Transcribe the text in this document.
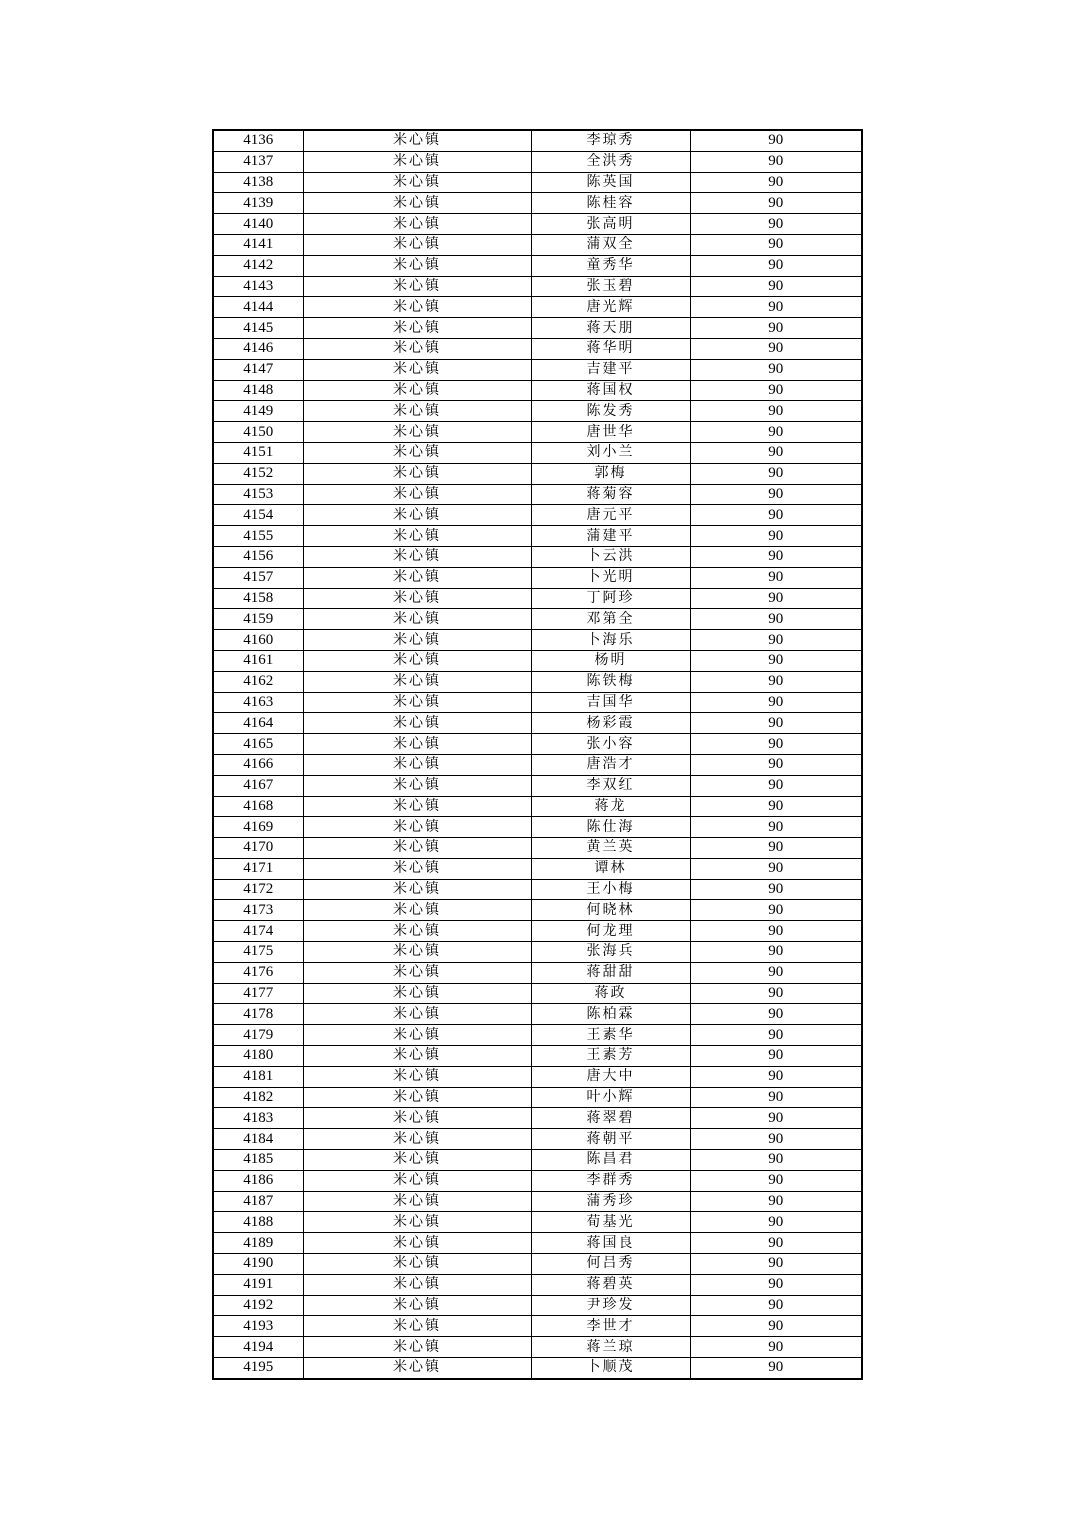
4136	米心镇	李琼秀	90
4137	米心镇	全洪秀	90
4138	米心镇	陈英国	90
4139	米心镇	陈桂容	90
4140	米心镇	张高明	90
4141	米心镇	蒲双全	90
4142	米心镇	童秀华	90
4143	米心镇	张玉碧	90
4144	米心镇	唐光辉	90
4145	米心镇	蒋天朋	90
4146	米心镇	蒋华明	90
4147	米心镇	吉建平	90
4148	米心镇	蒋国权	90
4149	米心镇	陈发秀	90
4150	米心镇	唐世华	90
4151	米心镇	刘小兰	90
4152	米心镇	郭梅	90
4153	米心镇	蒋菊容	90
4154	米心镇	唐元平	90
4155	米心镇	蒲建平	90
4156	米心镇	卜云洪	90
4157	米心镇	卜光明	90
4158	米心镇	丁阿珍	90
4159	米心镇	邓第全	90
4160	米心镇	卜海乐	90
4161	米心镇	杨明	90
4162	米心镇	陈铁梅	90
4163	米心镇	吉国华	90
4164	米心镇	杨彩霞	90
4165	米心镇	张小容	90
4166	米心镇	唐浩才	90
4167	米心镇	李双红	90
4168	米心镇	蒋龙	90
4169	米心镇	陈仕海	90
4170	米心镇	黄兰英	90
4171	米心镇	谭林	90
4172	米心镇	王小梅	90
4173	米心镇	何晓林	90
4174	米心镇	何龙理	90
4175	米心镇	张海兵	90
4176	米心镇	蒋甜甜	90
4177	米心镇	蒋政	90
4178	米心镇	陈柏霖	90
4179	米心镇	王素华	90
4180	米心镇	王素芳	90
4181	米心镇	唐大中	90
4182	米心镇	叶小辉	90
4183	米心镇	蒋翠碧	90
4184	米心镇	蒋朝平	90
4185	米心镇	陈昌君	90
4186	米心镇	李群秀	90
4187	米心镇	蒲秀珍	90
4188	米心镇	荀基光	90
4189	米心镇	蒋国良	90
4190	米心镇	何吕秀	90
4191	米心镇	蒋碧英	90
4192	米心镇	尹珍发	90
4193	米心镇	李世才	90
4194	米心镇	蒋兰琼	90
4195	米心镇	卜顺茂	90
